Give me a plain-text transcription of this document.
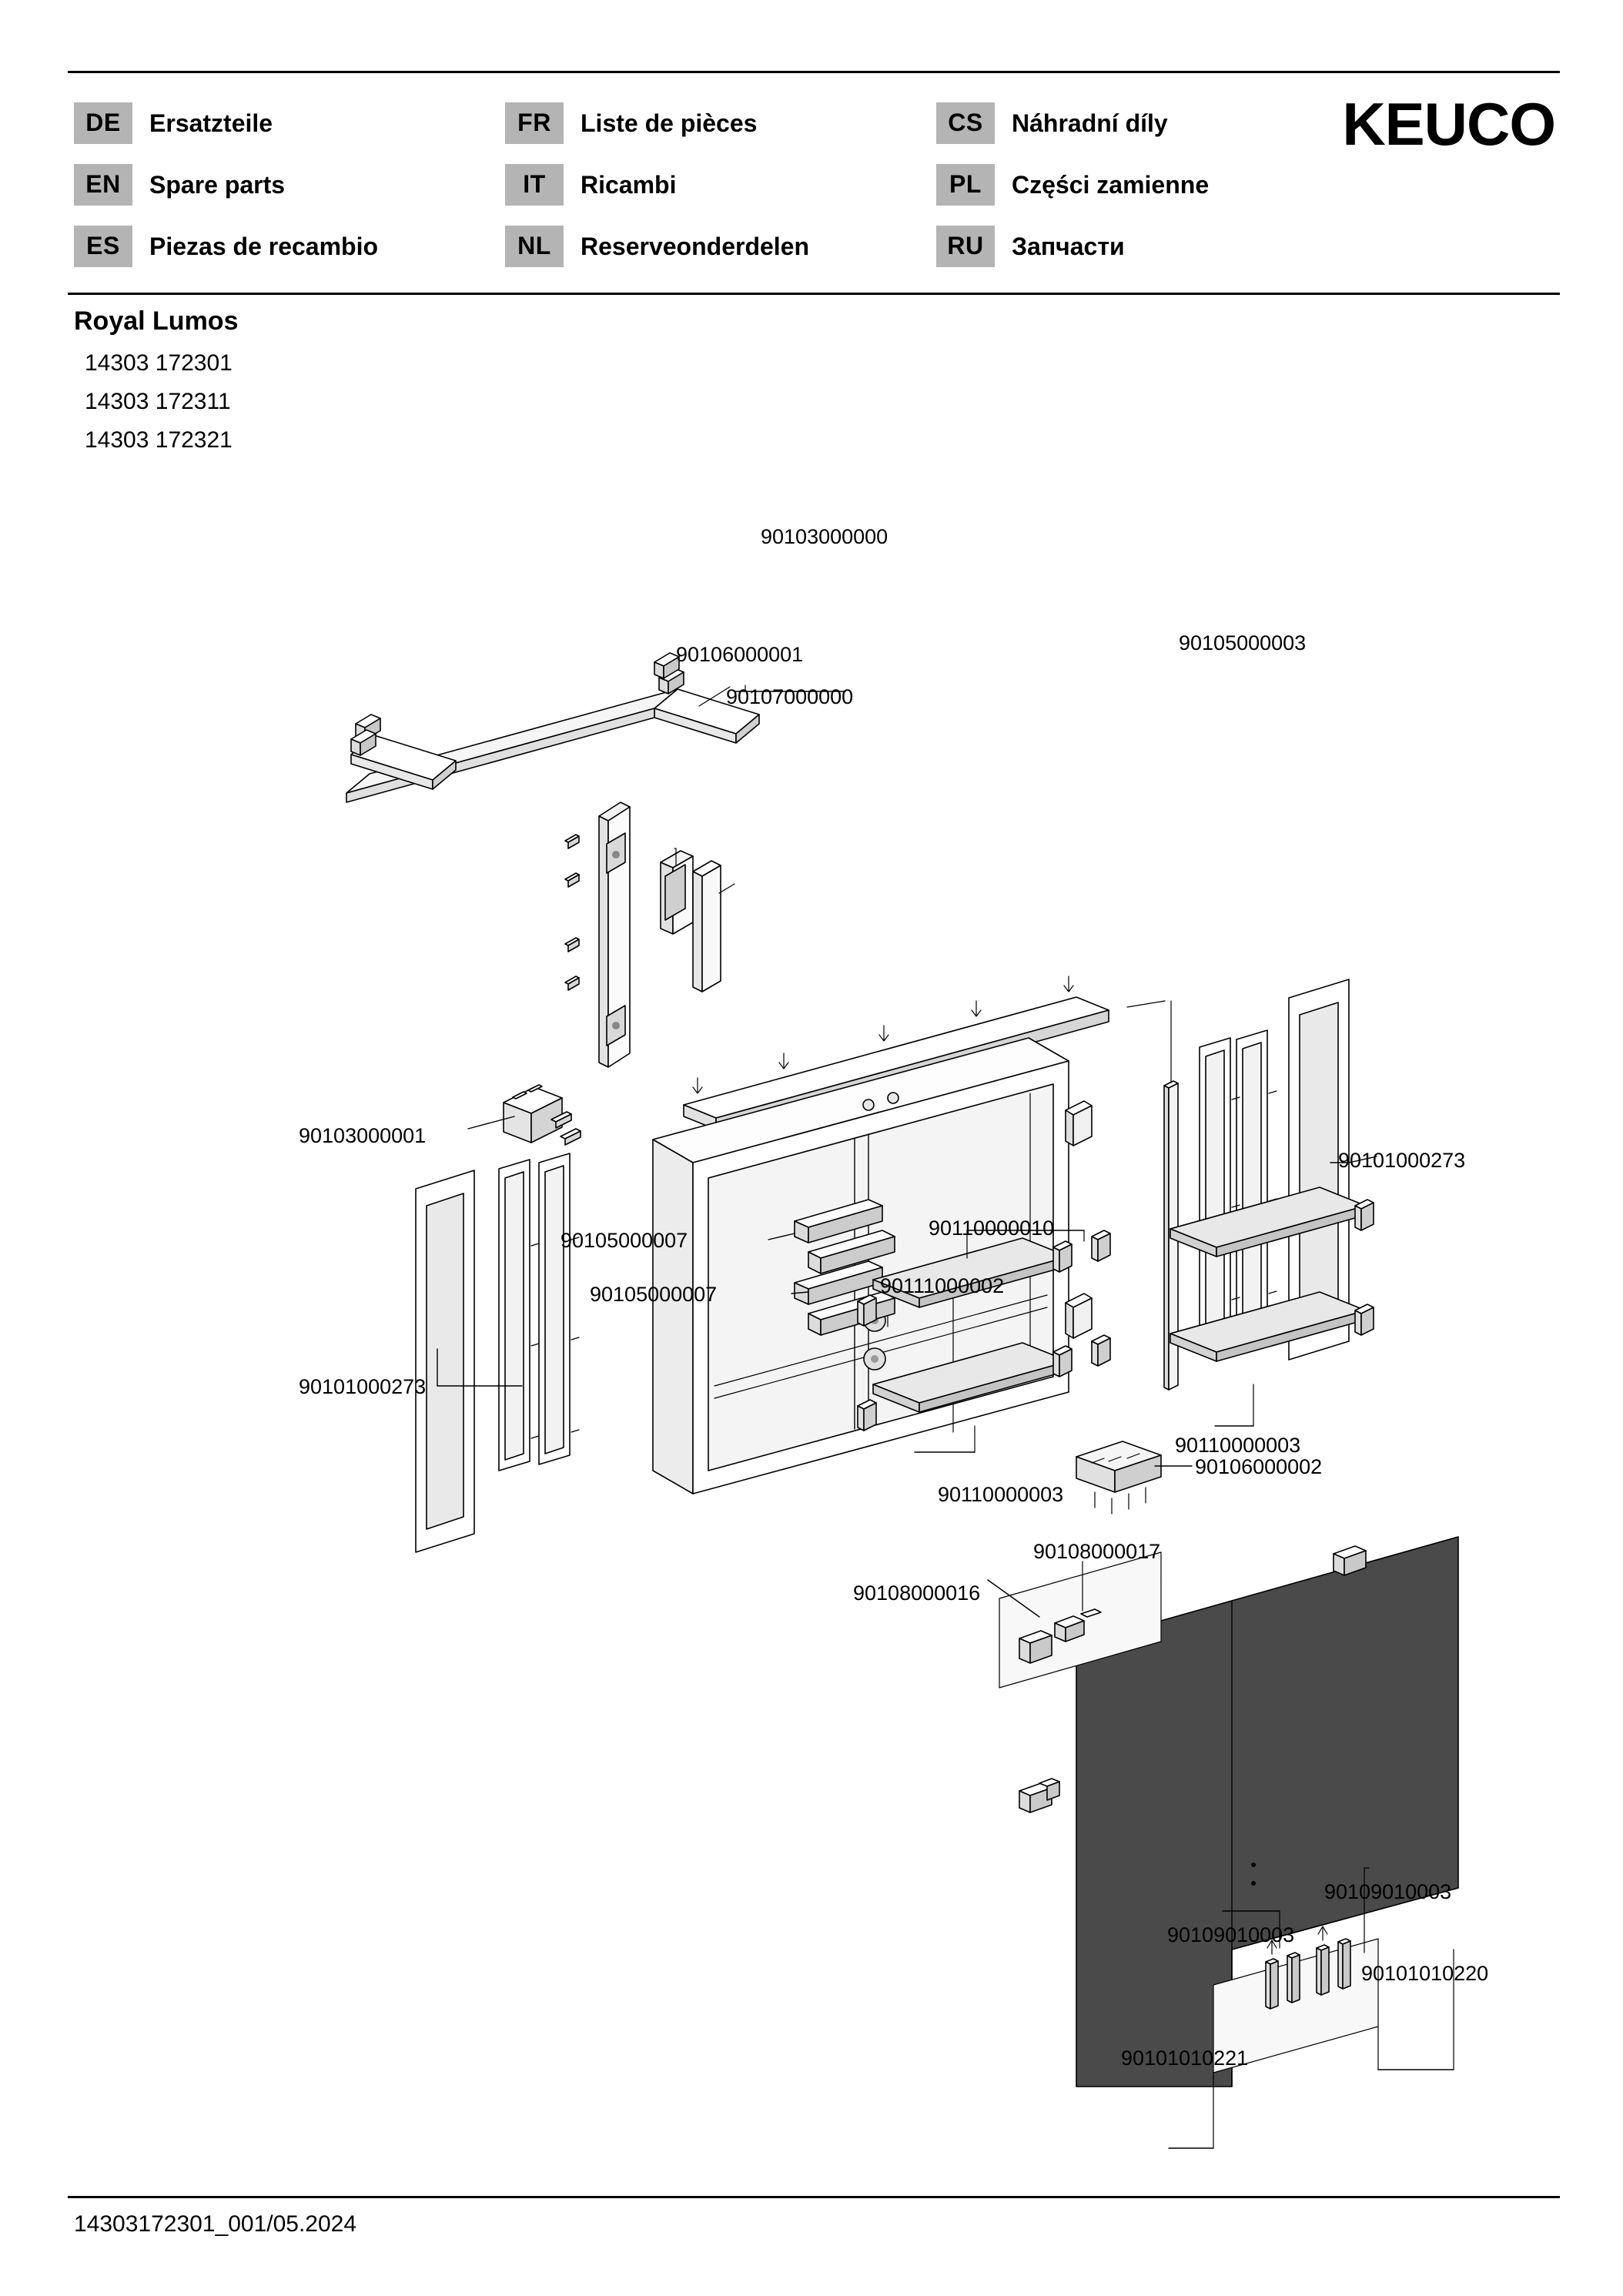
DE	Ersatzteile	FR	Liste de pièces	CS	Náhradní díly
EN	Spare parts	IT	Ricambi	PL	Części zamienne
ES	Piezas de recambio	NL	Reserveonderdelen	RU	Запчасти
KEUCO
Royal Lumos
14303 172301
14303 172311
14303 172321
90103000000
90106000001
90107000000
90105000003
90101000273
90103000001
90111000002
90101000273
90106000002
90105000007
90110000010
90105000007
90110000003
90110000003
90108000017
90108000016
90109010003
90109010003
90101010220
90101010221
14303172301_001/05.2024
